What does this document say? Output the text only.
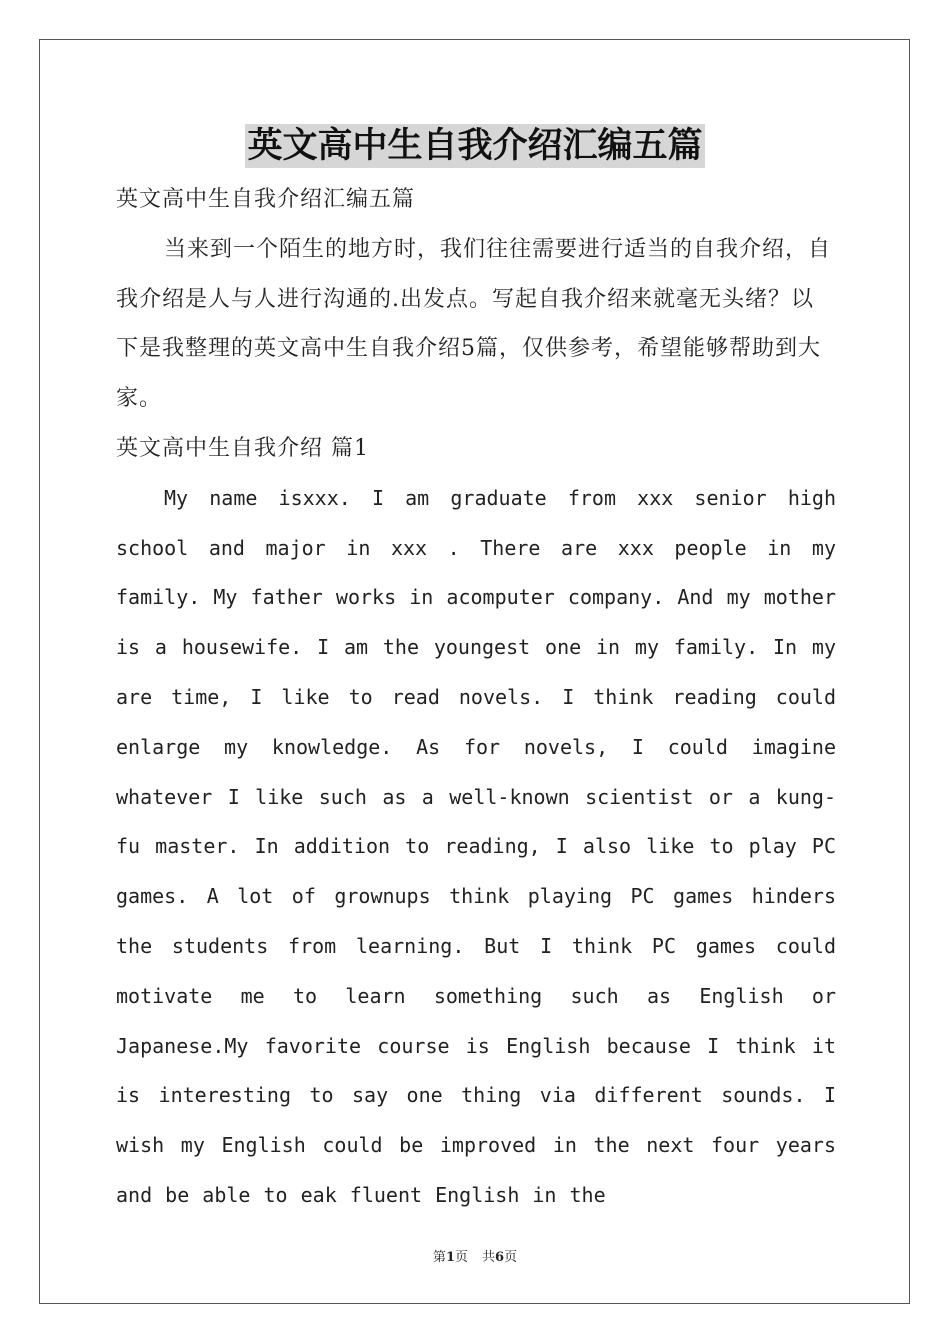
英文高中生自我介绍汇编五篇

英文高中生自我介绍汇编五篇

当来到一个陌生的地方时，我们往往需要进行适当的自我介绍，自我介绍是人与人进行沟通的.出发点。写起自我介绍来就毫无头绪？以下是我整理的英文高中生自我介绍5篇，仅供参考，希望能够帮助到大家。

英文高中生自我介绍 篇1

My name isxxx. I am graduate from xxx senior high school and major in xxx . There are xxx people in my family. My father works in acomputer company. And my mother is a housewife. I am the youngest one in my family. In my are time, I like to read novels. I think reading could enlarge my knowledge. As for novels, I could imagine whatever I like such as a well-known scientist or a kung-fu master. In addition to reading, I also like to play PC games. A lot of grownups think playing PC games hinders the students from learning. But I think PC games could motivate me to learn something such as English or Japanese.My favorite course is English because I think it is interesting to say one thing via different sounds. I wish my English could be improved in the next four years and be able to eak fluent English in the

第1页 共6页
